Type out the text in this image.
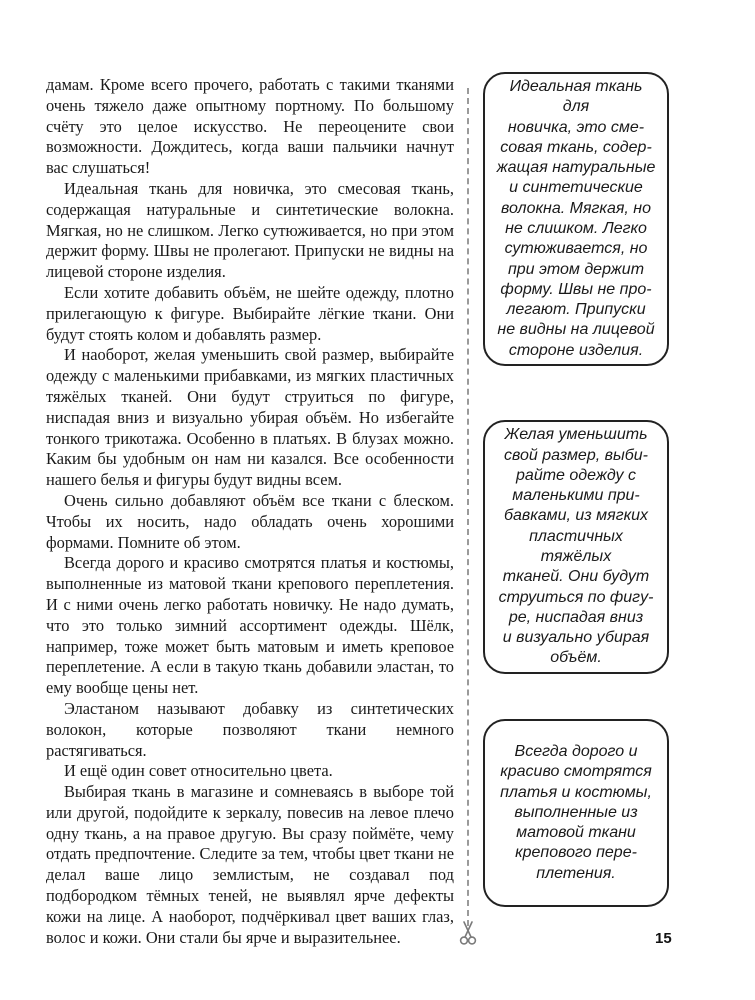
дамам. Кроме всего прочего, работать с такими тканями очень тяжело даже опытному портному. По большому счёту это целое искусство. Не переоцените свои возможности. Дождитесь, когда ваши пальчики начнут вас слушаться!

Идеальная ткань для новичка, это смесовая ткань, содержащая натуральные и синтетические волокна. Мягкая, но не слишком. Легко сутюживается, но при этом держит форму. Швы не пролегают. Припуски не видны на лицевой стороне изделия.

Если хотите добавить объём, не шейте одежду, плотно прилегающую к фигуре. Выбирайте лёгкие ткани. Они будут стоять колом и добавлять размер.

И наоборот, желая уменьшить свой размер, выбирайте одежду с маленькими прибавками, из мягких пластичных тяжёлых тканей. Они будут струиться по фигуре, ниспадая вниз и визуально убирая объём. Но избегайте тонкого трикотажа. Особенно в платьях. В блузах можно. Каким бы удобным он нам ни казался. Все особенности нашего белья и фигуры будут видны всем.

Очень сильно добавляют объём все ткани с блеском. Чтобы их носить, надо обладать очень хорошими формами. Помните об этом.

Всегда дорого и красиво смотрятся платья и костюмы, выполненные из матовой ткани крепового переплетения. И с ними очень легко работать новичку. Не надо думать, что это только зимний ассортимент одежды. Шёлк, например, тоже может быть матовым и иметь креповое переплетение. А если в такую ткань добавили эластан, то ему вообще цены нет.

Эластаном называют добавку из синтетических волокон, которые позволяют ткани немного растягиваться.

И ещё один совет относительно цвета.

Выбирая ткань в магазине и сомневаясь в выборе той или другой, подойдите к зеркалу, повесив на левое плечо одну ткань, а на правое другую. Вы сразу поймёте, чему отдать предпочтение. Следите за тем, чтобы цвет ткани не делал ваше лицо землистым, не создавал под подбородком тёмных теней, не выявлял ярче дефекты кожи на лице. А наоборот, подчёркивал цвет ваших глаз, волос и кожи. Они стали бы ярче и выразительнее.

Идеальная ткань для
новичка, это сме-
совая ткань, содер-
жащая натуральные
и синтетические
волокна. Мягкая, но
не слишком. Легко
сутюживается, но
при этом держит
форму. Швы не про-
легают. Припуски
не видны на лицевой
стороне изделия.
Желая уменьшить
свой размер, выби-
райте одежду с
маленькими при-
бавками, из мягких
пластичных тяжёлых
тканей. Они будут
струиться по фигу-
ре, ниспадая вниз
и визуально убирая
объём.
Всегда дорого и
красиво смотрятся
платья и костюмы,
выполненные из
матовой ткани
крепового пере-
плетения.
15
